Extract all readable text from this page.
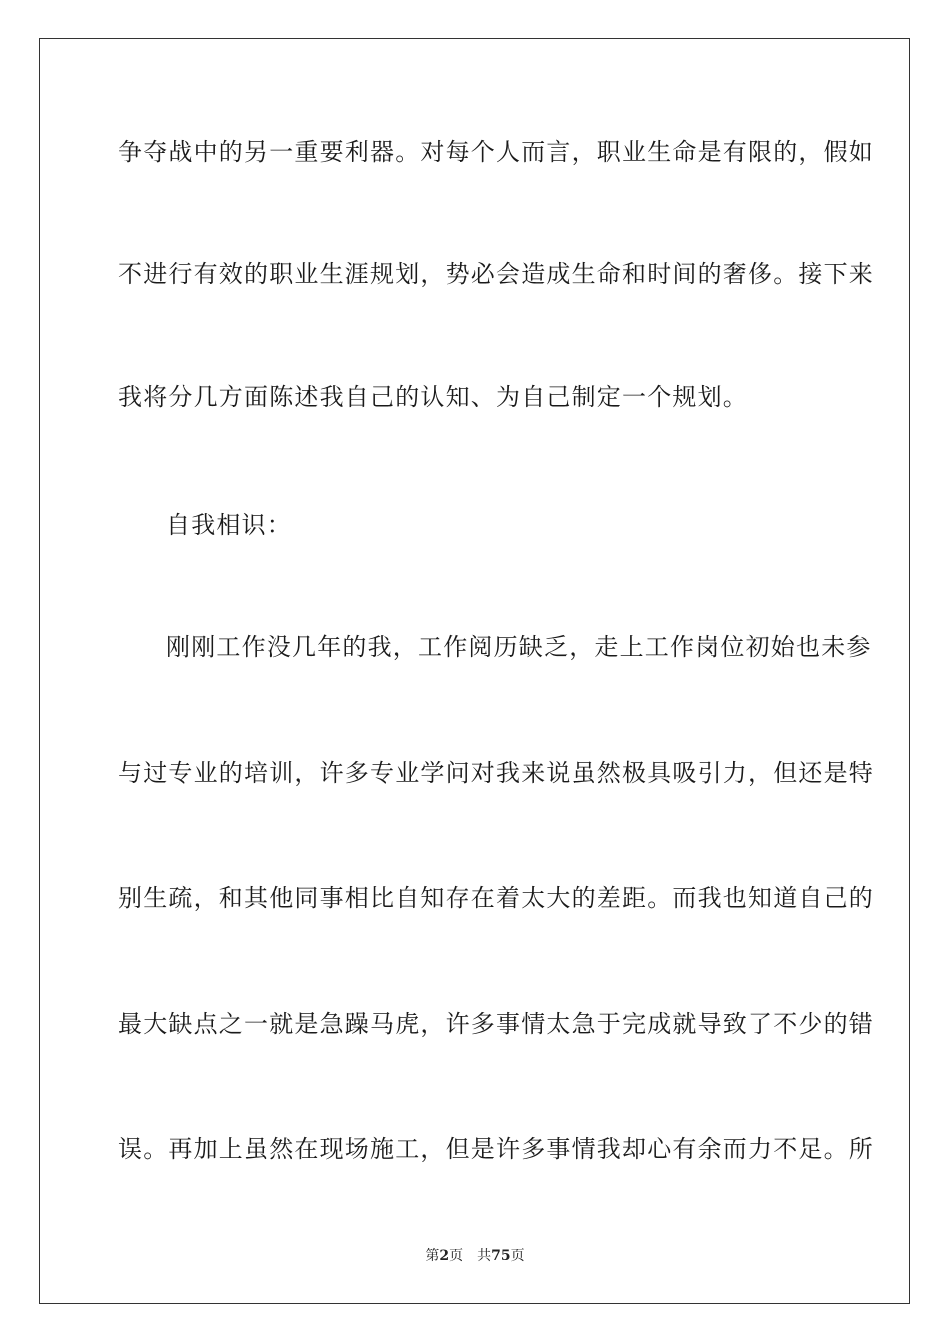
争夺战中的另一重要利器。对每个人而言，职业生命是有限的，假如
不进行有效的职业生涯规划，势必会造成生命和时间的奢侈。接下来
我将分几方面陈述我自己的认知、为自己制定一个规划。
自我相识：
刚刚工作没几年的我，工作阅历缺乏，走上工作岗位初始也未参
与过专业的培训，许多专业学问对我来说虽然极具吸引力，但还是特
别生疏，和其他同事相比自知存在着太大的差距。而我也知道自己的
最大缺点之一就是急躁马虎，许多事情太急于完成就导致了不少的错
误。再加上虽然在现场施工，但是许多事情我却心有余而力不足。所
第2页 共75页
